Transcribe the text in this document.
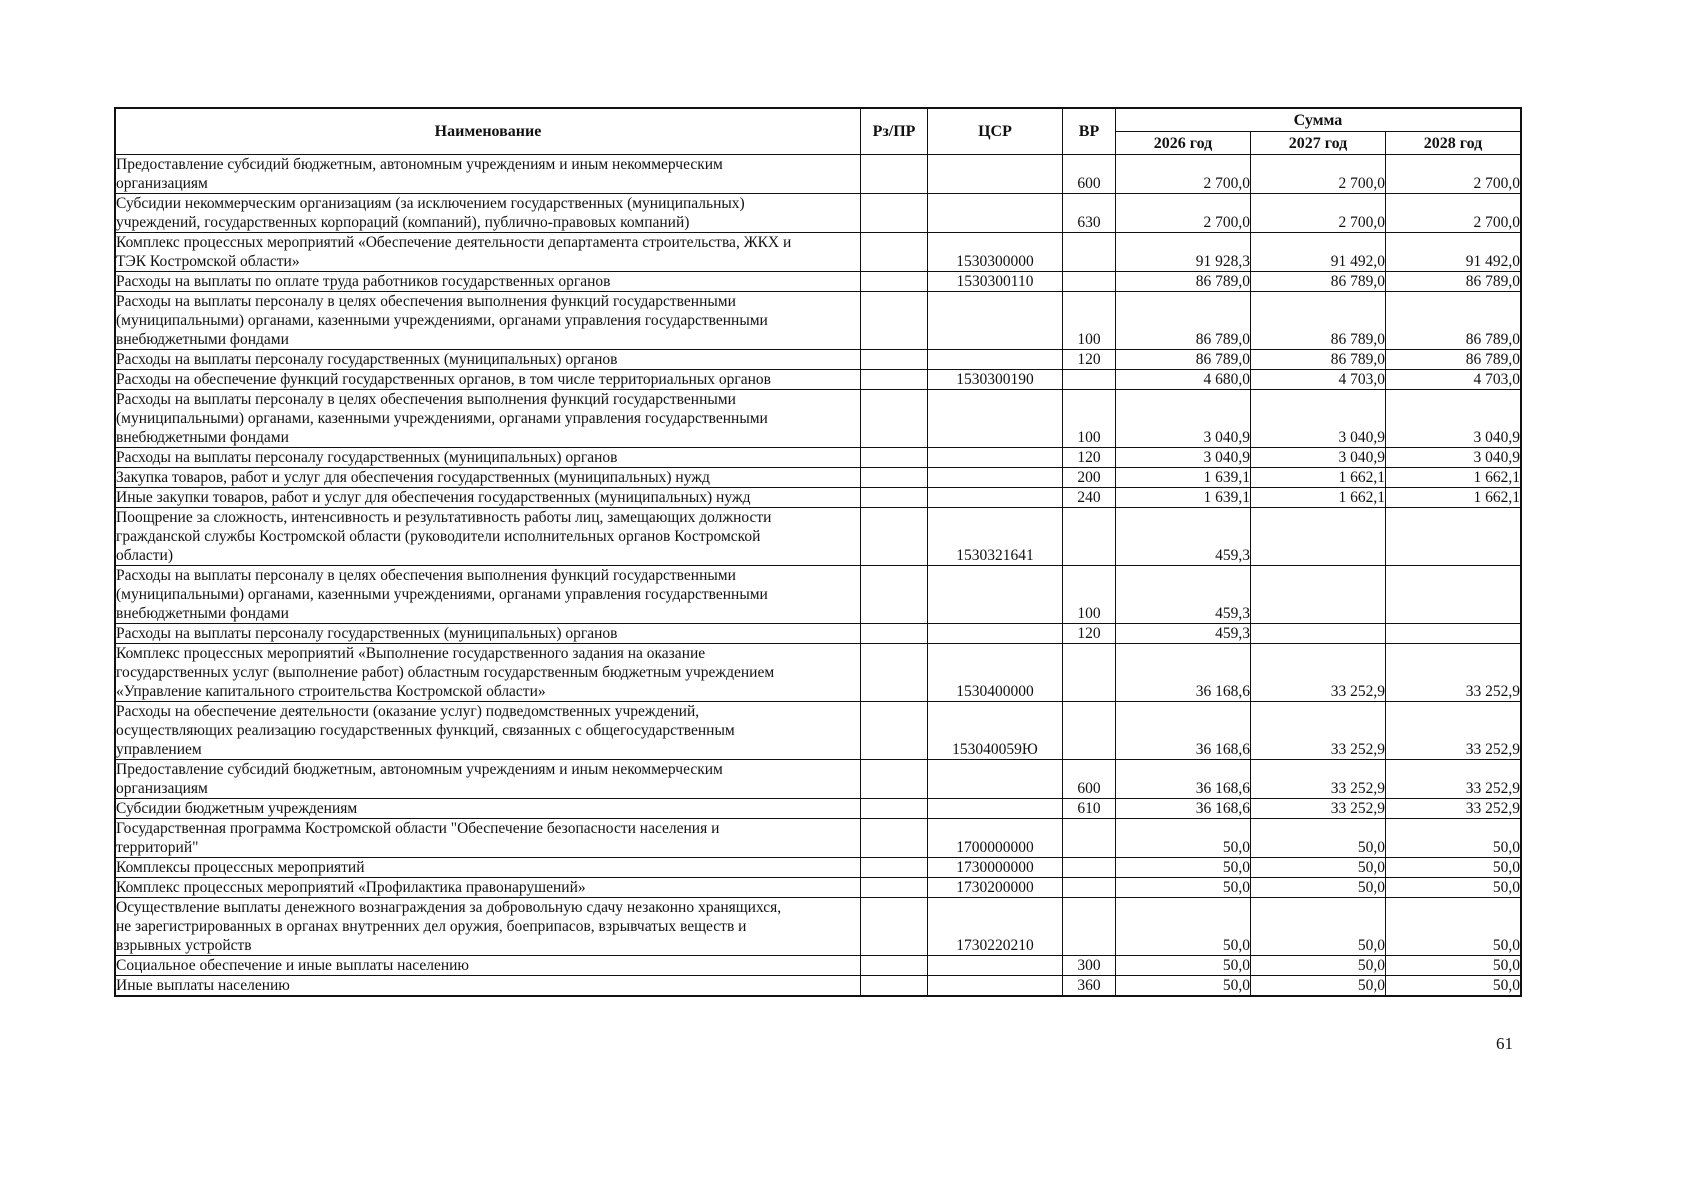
Наименование	Рз/ПР	ЦСР	ВР	Сумма		
				2026 год	2027 год	2028 год

Предоставление субсидий бюджетным, автономным учреждениям и иным некоммерческим
организациям			600	2 700,0	2 700,0	2 700,0

Субсидии некоммерческим организациям (за исключением государственных (муниципальных)
учреждений, государственных корпораций (компаний), публично-правовых компаний)			630	2 700,0	2 700,0	2 700,0

Комплекс процессных мероприятий «Обеспечение деятельности департамента строительства, ЖКХ и
ТЭК Костромской области»		1530300000		91 928,3	91 492,0	91 492,0

Расходы на выплаты по оплате труда работников государственных органов		1530300110		86 789,0	86 789,0	86 789,0

Расходы на выплаты персоналу в целях обеспечения выполнения функций государственными
(муниципальными) органами, казенными учреждениями, органами управления государственными
внебюджетными фондами			100	86 789,0	86 789,0	86 789,0

Расходы на выплаты персоналу государственных (муниципальных) органов			120	86 789,0	86 789,0	86 789,0

Расходы на обеспечение функций государственных органов, в том числе территориальных органов		1530300190		4 680,0	4 703,0	4 703,0

Расходы на выплаты персоналу в целях обеспечения выполнения функций государственными
(муниципальными) органами, казенными учреждениями, органами управления государственными
внебюджетными фондами			100	3 040,9	3 040,9	3 040,9

Расходы на выплаты персоналу государственных (муниципальных) органов			120	3 040,9	3 040,9	3 040,9

Закупка товаров, работ и услуг для обеспечения государственных (муниципальных) нужд			200	1 639,1	1 662,1	1 662,1

Иные закупки товаров, работ и услуг для обеспечения государственных (муниципальных) нужд			240	1 639,1	1 662,1	1 662,1

Поощрение за сложность, интенсивность и результативность работы лиц, замещающих должности
гражданской службы Костромской области (руководители исполнительных органов Костромской
области)		1530321641		459,3		

Расходы на выплаты персоналу в целях обеспечения выполнения функций государственными
(муниципальными) органами, казенными учреждениями, органами управления государственными
внебюджетными фондами			100	459,3		

Расходы на выплаты персоналу государственных (муниципальных) органов			120	459,3		

Комплекс процессных мероприятий «Выполнение государственного задания на оказание
государственных услуг (выполнение работ) областным государственным бюджетным учреждением
«Управление капитального строительства Костромской области»		1530400000		36 168,6	33 252,9	33 252,9

Расходы на обеспечение деятельности (оказание услуг) подведомственных учреждений,
осуществляющих реализацию государственных функций, связанных с общегосударственным
управлением		153040059Ю		36 168,6	33 252,9	33 252,9

Предоставление субсидий бюджетным, автономным учреждениям и иным некоммерческим
организациям			600	36 168,6	33 252,9	33 252,9

Субсидии бюджетным учреждениям			610	36 168,6	33 252,9	33 252,9

Государственная программа Костромской области "Обеспечение безопасности населения и
территорий"		1700000000		50,0	50,0	50,0

Комплексы процессных мероприятий		1730000000		50,0	50,0	50,0

Комплекс процессных мероприятий «Профилактика правонарушений»		1730200000		50,0	50,0	50,0

Осуществление выплаты денежного вознаграждения за добровольную сдачу незаконно хранящихся,
не зарегистрированных в органах внутренних дел оружия, боеприпасов, взрывчатых веществ и
взрывных устройств		1730220210		50,0	50,0	50,0

Социальное обеспечение и иные выплаты населению			300	50,0	50,0	50,0

Иные выплаты населению			360	50,0	50,0	50,0
61
